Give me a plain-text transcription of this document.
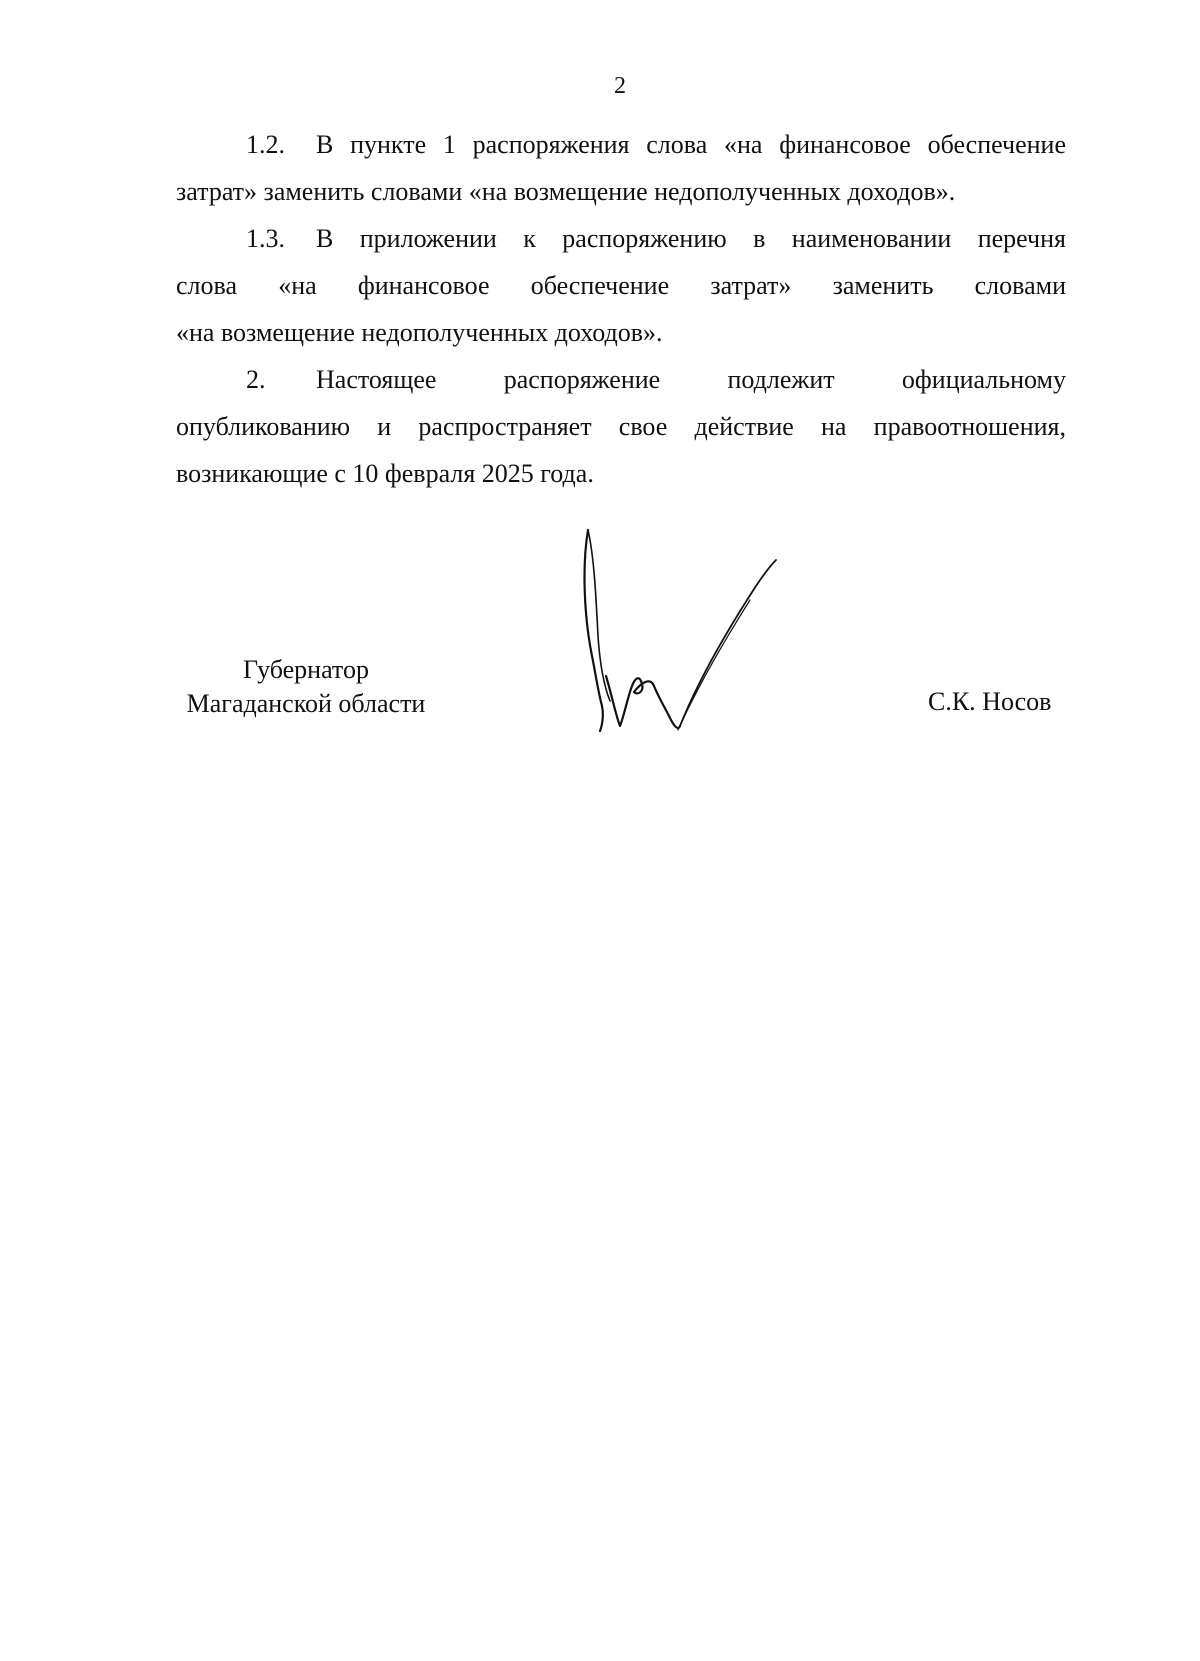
2

1.2. В пункте 1 распоряжения слова «на финансовое обеспечение

затрат» заменить словами «на возмещение недополученных доходов».

1.3. В приложении к распоряжению в наименовании перечня

слова «на финансовое обеспечение затрат» заменить словами

«на возмещение недополученных доходов».

2. Настоящее распоряжение подлежит официальному

опубликованию и распространяет свое действие на правоотношения,

возникающие с 10 февраля 2025 года.

Губернатор
Магаданской области	С.К. Носов
